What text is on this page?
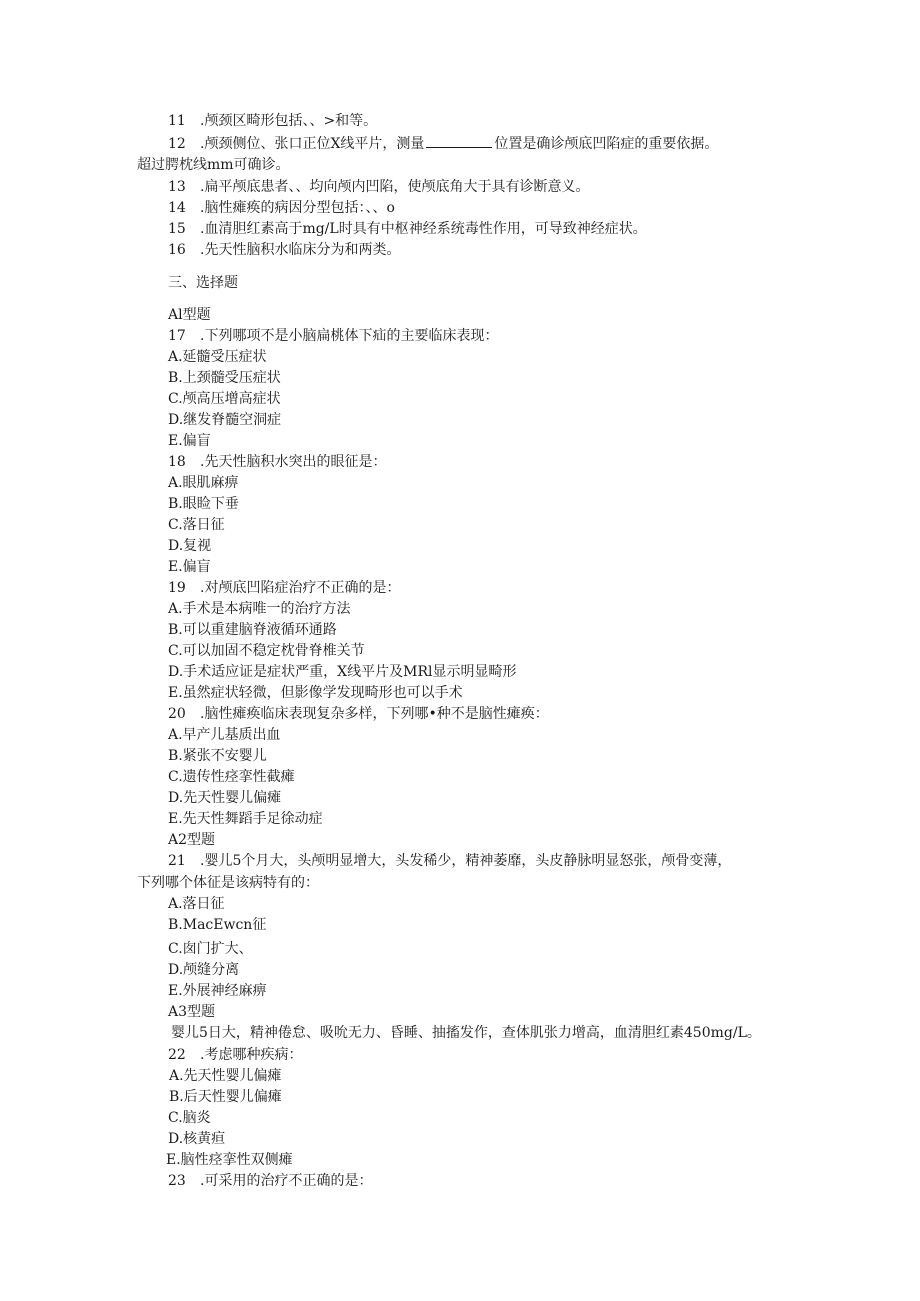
11 .颅颈区畸形包括、、>和等。
12 .颅颈侧位、张口正位X线平片，测量	位置是确诊颅底凹陷症的重要依据。
超过腭枕线mm可确诊。
13 .扁平颅底患者、、均向颅内凹陷，使颅底角大于具有诊断意义。
14 .脑性瘫痪的病因分型包括：、、o
15 .血清胆红素高于mg/L时具有中枢神经系统毒性作用，可导致神经症状。
16 .先天性脑积水临床分为和两类。
三、选择题
Al型题
17 .下列哪项不是小脑扁桃体下疝的主要临床表现：
A.延髓受压症状
B.上颈髓受压症状
C.颅高压增高症状
D.继发脊髓空洞症
E.偏盲
18 .先天性脑积水突出的眼征是：
A.眼肌麻痹
B.眼睑下垂
C.落日征
D.复视
E.偏盲
19 .对颅底凹陷症治疗不正确的是：
A.手术是本病唯一的治疗方法
B.可以重建脑脊液循环通路
C.可以加固不稳定枕骨脊椎关节
D.手术适应证是症状严重，X线平片及MRl显示明显畸形
E.虽然症状轻微，但影像学发现畸形也可以手术
20 .脑性瘫痪临床表现复杂多样，下列哪•种不是脑性瘫痪：
A.早产儿基质出血
B.紧张不安婴儿
C.遗传性痉挛性截瘫
D.先天性婴儿偏瘫
E.先天性舞蹈手足徐动症
A2型题
21 .婴儿5个月大，头颅明显增大，头发稀少，精神萎靡，头皮静脉明显怒张，颅骨变薄，
下列哪个体征是该病特有的：
A.落日征
B.MacEwcn征
C.囱门扩大、
D.颅缝分离
E.外展神经麻痹
A3型题
婴儿5日大，精神倦怠、吸吮无力、昏睡、抽搐发作，查体肌张力增高，血清胆红素450mg/L。
22 .考虑哪种疾病：
A.先天性婴儿偏瘫
B.后天性婴儿偏瘫
C.脑炎
D.核黄疸
E.脑性痉挛性双侧瘫
23 .可采用的治疗不正确的是：
